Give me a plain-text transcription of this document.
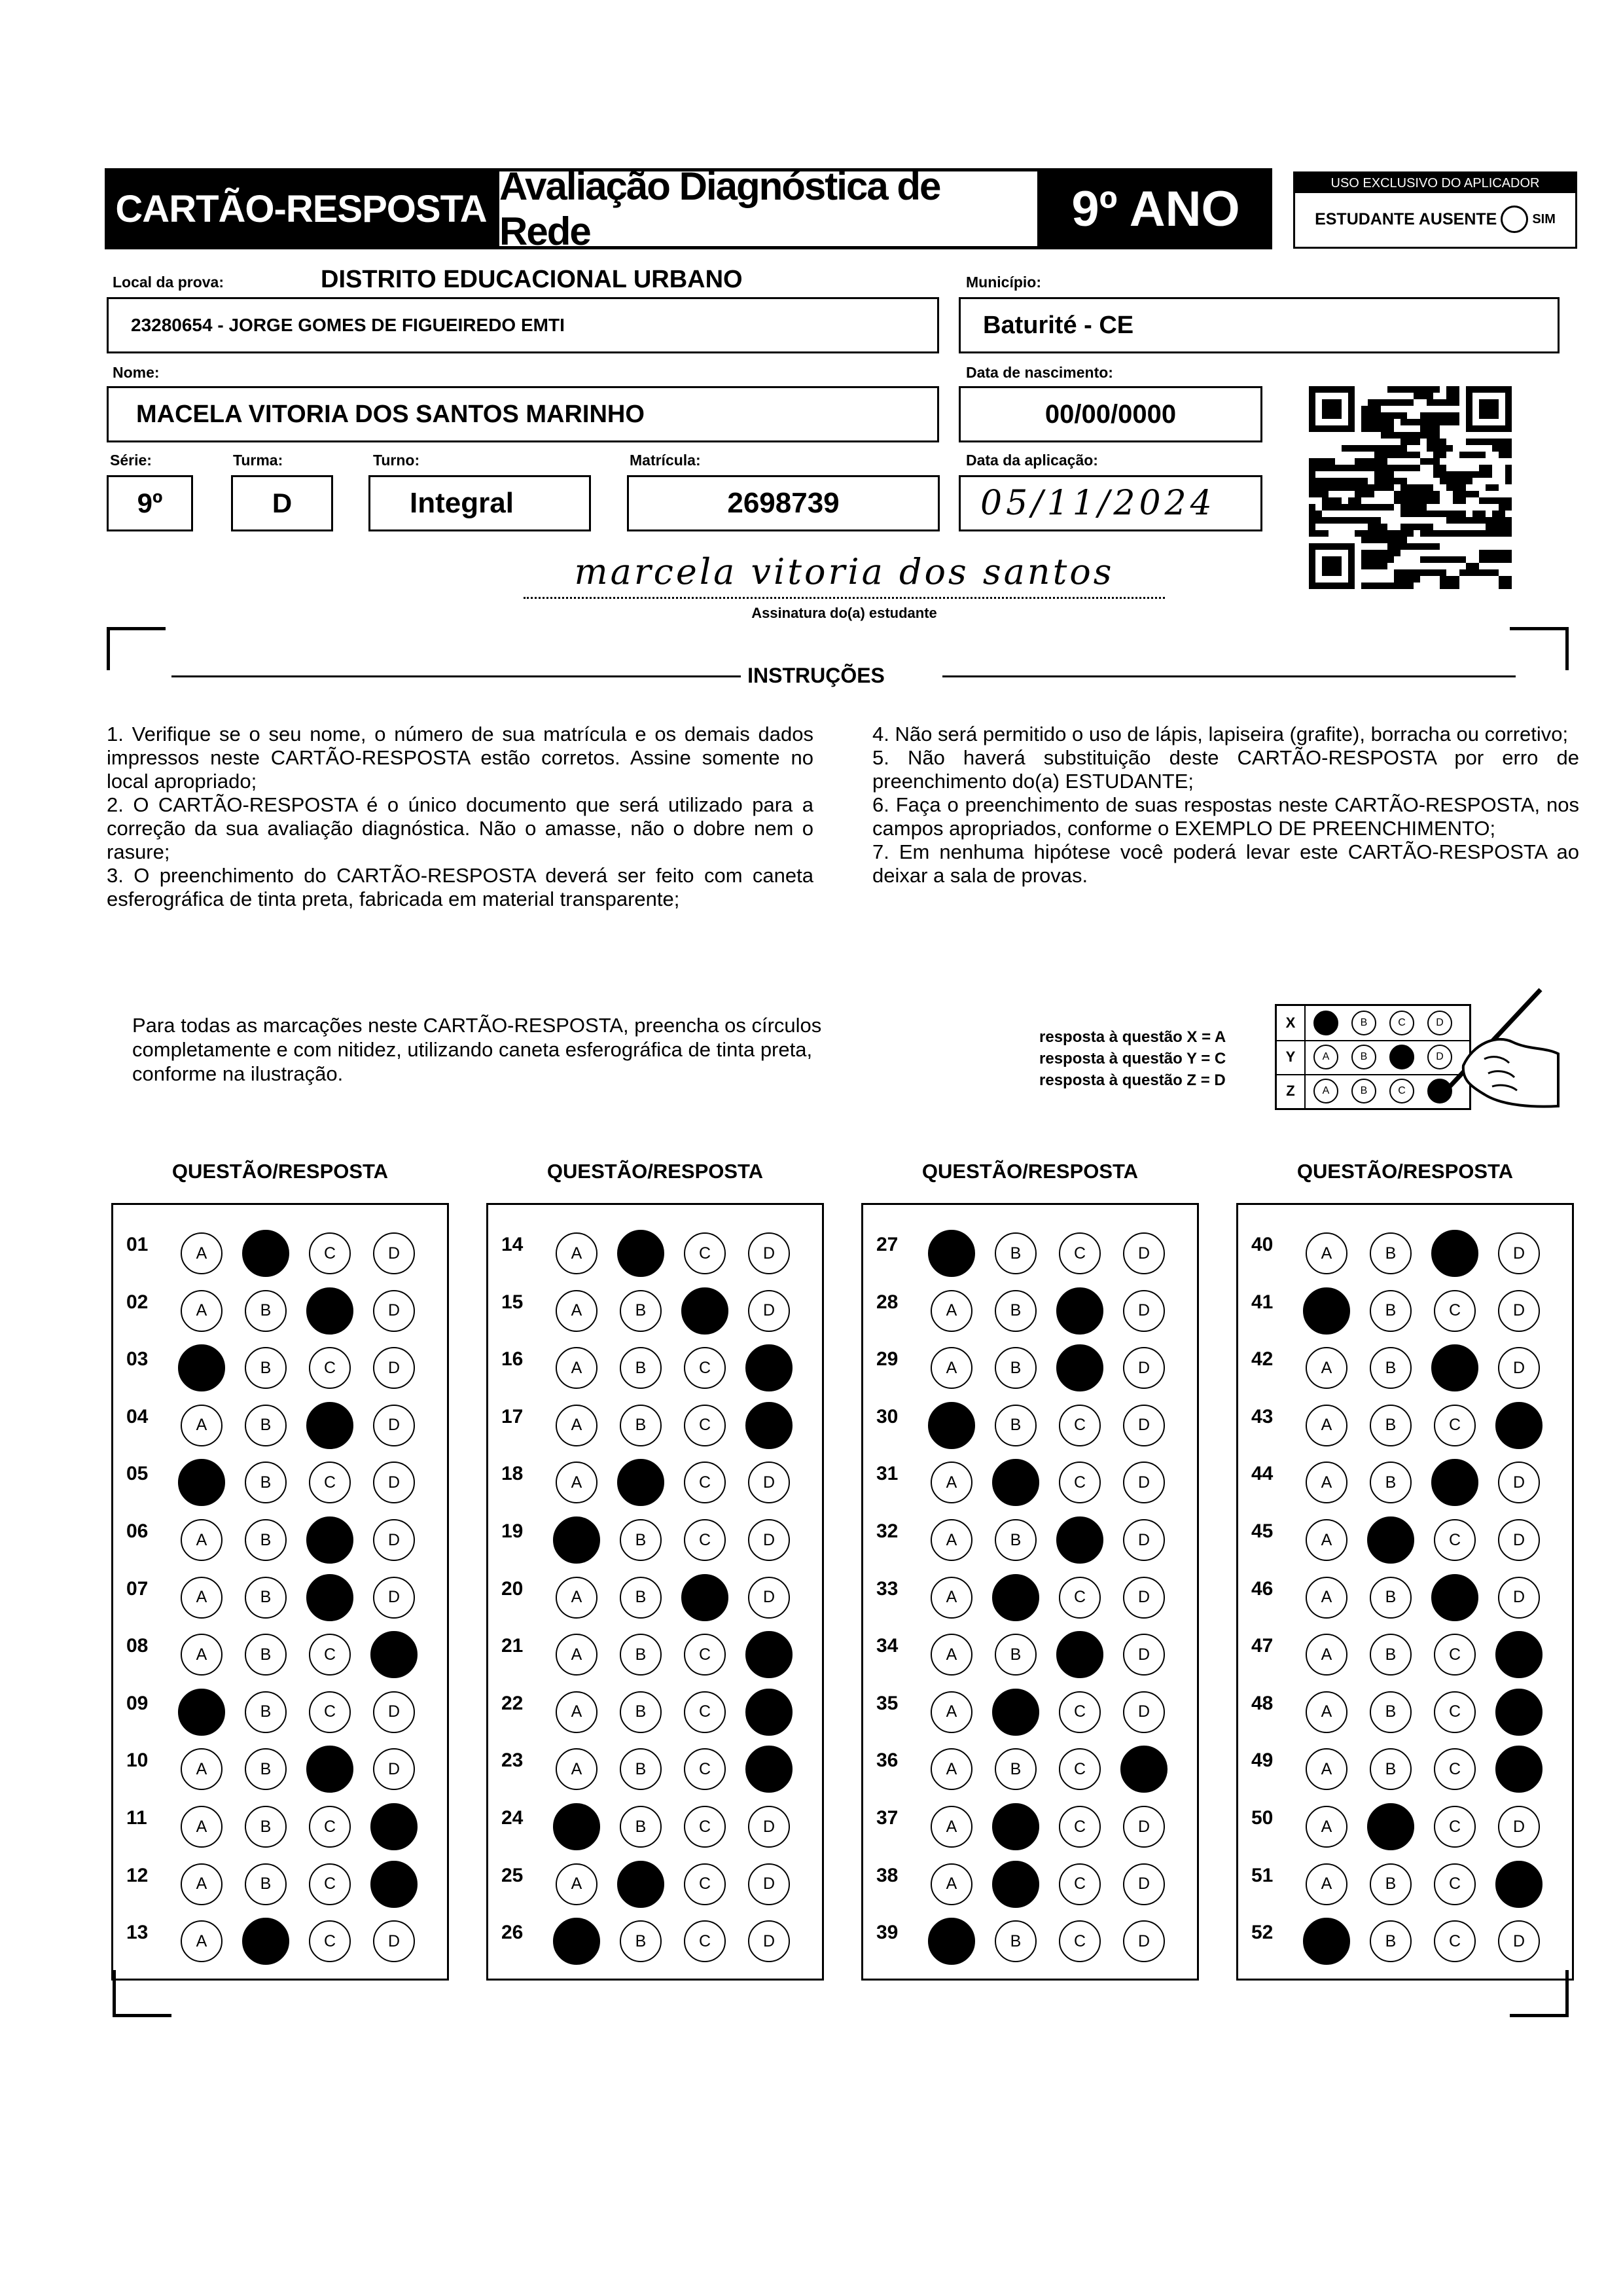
CARTÃO-RESPOSTA
Avaliação Diagnóstica de Rede	9º ANO	USO EXCLUSIVO DO APLICADOR
ESTUDANTE AUSENTE	SIM
Local da prova:	DISTRITO EDUCACIONAL URBANO
23280654 - JORGE GOMES DE FIGUEIREDO EMTI
Município:
Baturité - CE
Nome:
MACELA VITORIA DOS SANTOS MARINHO
Data de nascimento:
00/00/0000
Série:
9º
Turma:
D
Turno:
Integral
Matrícula:
2698739
Data da aplicação:
05/11/2024
marcela vitoria dos santos
Assinatura do(a) estudante
INSTRUÇÕES

1. Verifique se o seu nome, o número de sua matrícula e os demais dados impressos neste CARTÃO-RESPOSTA estão corretos. Assine somente no local apropriado;

2. O CARTÃO-RESPOSTA é o único documento que será utilizado para a correção da sua avaliação diagnóstica. Não o amasse, não o dobre nem o rasure;

3. O preenchimento do CARTÃO-RESPOSTA deverá ser feito com caneta esferográfica de tinta preta, fabricada em material transparente;

4. Não será permitido o uso de lápis, lapiseira (grafite), borracha ou corretivo;

5. Não haverá substituição deste CARTÃO-RESPOSTA por erro de preenchimento do(a) ESTUDANTE;

6. Faça o preenchimento de suas respostas neste CARTÃO-RESPOSTA, nos campos apropriados, conforme o EXEMPLO DE PREENCHIMENTO;

7. Em nenhuma hipótese você poderá levar este CARTÃO-RESPOSTA ao deixar a sala de provas.

Para todas as marcações neste CARTÃO-RESPOSTA, preencha os círculos completamente e com nitidez, utilizando caneta esferográfica de tinta preta, conforme na ilustração.
resposta à questão X = A
resposta à questão Y = C
resposta à questão Z = D
X	A	B	C	D
Y	A	B	C	D
Z	A	B	C	D
QUESTÃO/RESPOSTA
01	A	B	C	D
02	A	B	C	D
03	A	B	C	D
04	A	B	C	D
05	A	B	C	D
06	A	B	C	D
07	A	B	C	D
08	A	B	C	D
09	A	B	C	D
10	A	B	C	D
11	A	B	C	D
12	A	B	C	D
13	A	B	C	D
QUESTÃO/RESPOSTA
14	A	B	C	D
15	A	B	C	D
16	A	B	C	D
17	A	B	C	D
18	A	B	C	D
19	A	B	C	D
20	A	B	C	D
21	A	B	C	D
22	A	B	C	D
23	A	B	C	D
24	A	B	C	D
25	A	B	C	D
26	A	B	C	D
QUESTÃO/RESPOSTA
27	A	B	C	D
28	A	B	C	D
29	A	B	C	D
30	A	B	C	D
31	A	B	C	D
32	A	B	C	D
33	A	B	C	D
34	A	B	C	D
35	A	B	C	D
36	A	B	C	D
37	A	B	C	D
38	A	B	C	D
39	A	B	C	D
QUESTÃO/RESPOSTA
40	A	B	C	D
41	A	B	C	D
42	A	B	C	D
43	A	B	C	D
44	A	B	C	D
45	A	B	C	D
46	A	B	C	D
47	A	B	C	D
48	A	B	C	D
49	A	B	C	D
50	A	B	C	D
51	A	B	C	D
52	A	B	C	D
